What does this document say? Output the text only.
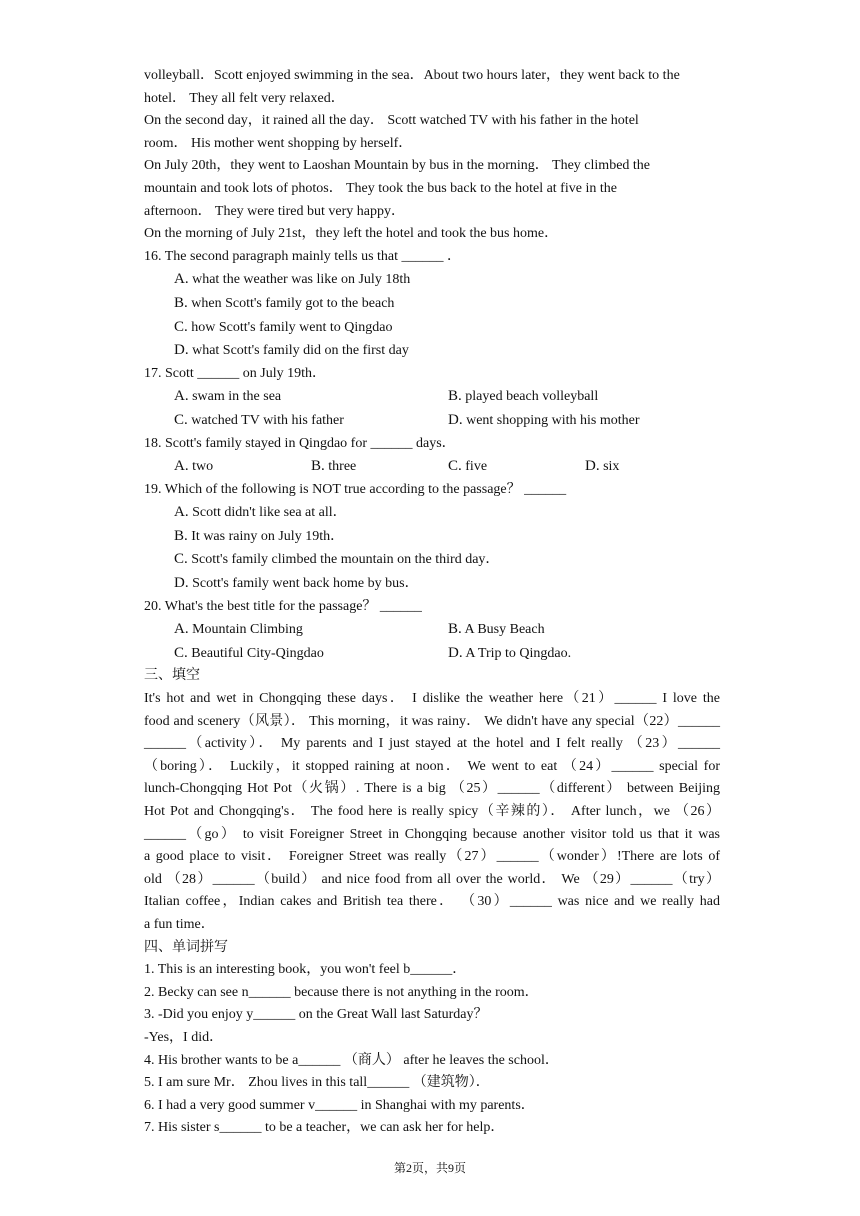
volleyball．Scott enjoyed swimming in the sea．About two hours later，they went back to the

hotel． They all felt very relaxed．

On the second day，it rained all the day． Scott watched TV with his father in the hotel

room． His mother went shopping by herself．

On July 20th，they went to Laoshan Mountain by bus in the morning． They climbed the

mountain and took lots of photos． They took the bus back to the hotel at five in the

afternoon． They were tired but very happy．

On the morning of July 21st，they left the hotel and took the bus home．

16. The second paragraph mainly tells us that ______ ．

A. what the weather was like on July 18th

B. when Scott's family got to the beach

C. how Scott's family went to Qingdao

D. what Scott's family did on the first day

17. Scott ______ on July 19th．

A. swam in the sea	B. played beach volleyball
C. watched TV with his father	D. went shopping with his mother

18. Scott's family stayed in Qingdao for ______ days．

A. two	B. three	C. five	D. six

19. Which of the following is NOT true according to the passage？ ______

A. Scott didn't like sea at all．

B. It was rainy on July 19th．

C. Scott's family climbed the mountain on the third day．

D. Scott's family went back home by bus．

20. What's the best title for the passage？ ______

A. Mountain Climbing	B. A Busy Beach
C. Beautiful City-Qingdao	D. A Trip to Qingdao.

三、填空

It's hot and wet in Chongqing these days． I dislike the weather here（21）______ I love the

food and scenery（风景）． This morning，it was rainy． We didn't have any special（22）______

______（activity）． My parents and I just stayed at the hotel and I felt really （23）______

（boring）． Luckily，it stopped raining at noon． We went to eat （24）______ special for

lunch-Chongqing Hot Pot（火锅）. There is a big （25）______（different） between Beijing

Hot Pot and Chongqing's． The food here is really spicy（辛辣的）． After lunch，we （26）

______（go） to visit Foreigner Street in Chongqing because another visitor told us that it was

a good place to visit． Foreigner Street was really（27）______（wonder）!There are lots of

old （28）______（build） and nice food from all over the world． We （29）______（try）

Italian coffee，Indian cakes and British tea there． （30）______ was nice and we really had

a fun time．

四、单词拼写

1. This is an interesting book，you won't feel b______．

2. Becky can see n______ because there is not anything in the room．

3. -Did you enjoy y______ on the Great Wall last Saturday？

-Yes，I did．

4. His brother wants to be a______ （商人） after he leaves the school．

5. I am sure Mr． Zhou lives in this tall______ （建筑物）．

6. I had a very good summer v______ in Shanghai with my parents．

7. His sister s______ to be a teacher，we can ask her for help．

第2页，共9页
